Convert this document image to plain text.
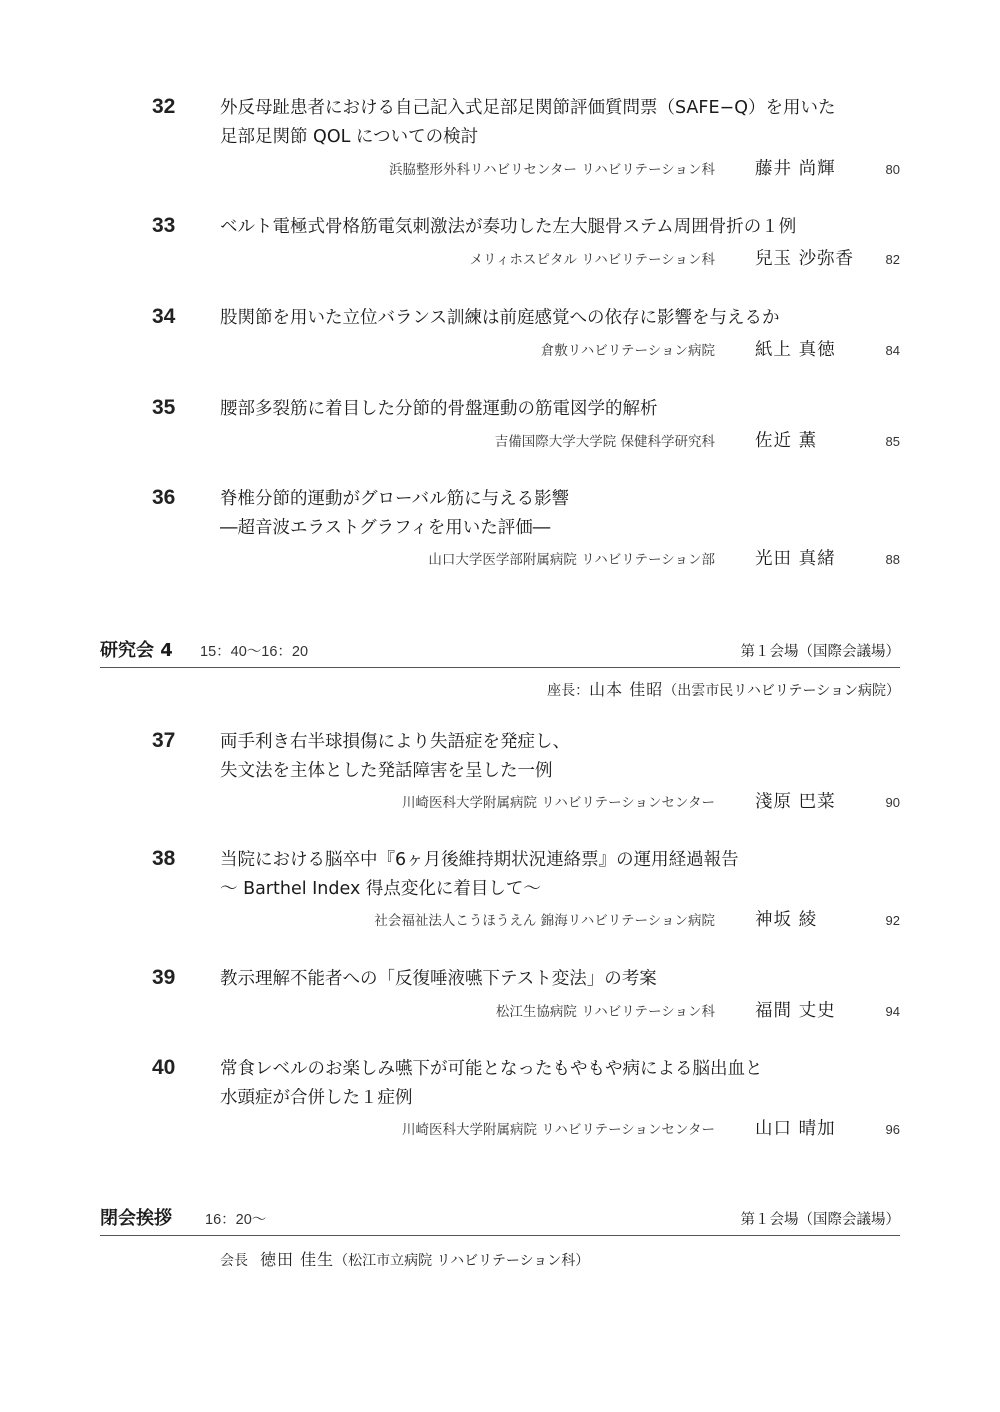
32	外反母趾患者における自己記入式足部足関節評価質問票（SAFE−Q）を用いた
足部足関節 QOL についての検討
浜脇整形外科リハビリセンター リハビリテーション科 藤井 尚輝	80
33	ベルト電極式骨格筋電気刺激法が奏功した左大腿骨ステム周囲骨折の１例
メリィホスピタル リハビリテーション科 兒玉 沙弥香 82
34	股関節を用いた立位バランス訓練は前庭感覚への依存に影響を与えるか
倉敷リハビリテーション病院 紙上 真徳	84
35	腰部多裂筋に着目した分節的骨盤運動の筋電図学的解析
吉備国際大学大学院 保健科学研究科 佐近 薫	85
36	脊椎分節的運動がグローバル筋に与える影響
―超音波エラストグラフィを用いた評価―
山口大学医学部附属病院 リハビリテーション部 光田 真緒	88
研究会 4 15：40〜16：20	第１会場（国際会議場）
座長：山本 佳昭（出雲市民リハビリテーション病院）
37	両手利き右半球損傷により失語症を発症し、
失文法を主体とした発話障害を呈した一例
川崎医科大学附属病院 リハビリテーションセンター 淺原 巴菜	90
38	当院における脳卒中『6ヶ月後維持期状況連絡票』の運用経過報告
〜 Barthel Index 得点変化に着目して〜
社会福祉法人こうほうえん 錦海リハビリテーション病院 神坂 綾	92
39	教示理解不能者への「反復唾液嚥下テスト変法」の考案
松江生協病院 リハビリテーション科 福間 丈史	94
40	常食レベルのお楽しみ嚥下が可能となったもやもや病による脳出血と
水頭症が合併した１症例
川崎医科大学附属病院 リハビリテーションセンター 山口 晴加	96
閉会挨拶 16：20〜	第１会場（国際会議場）
会長 徳田 佳生（松江市立病院 リハビリテーション科）
